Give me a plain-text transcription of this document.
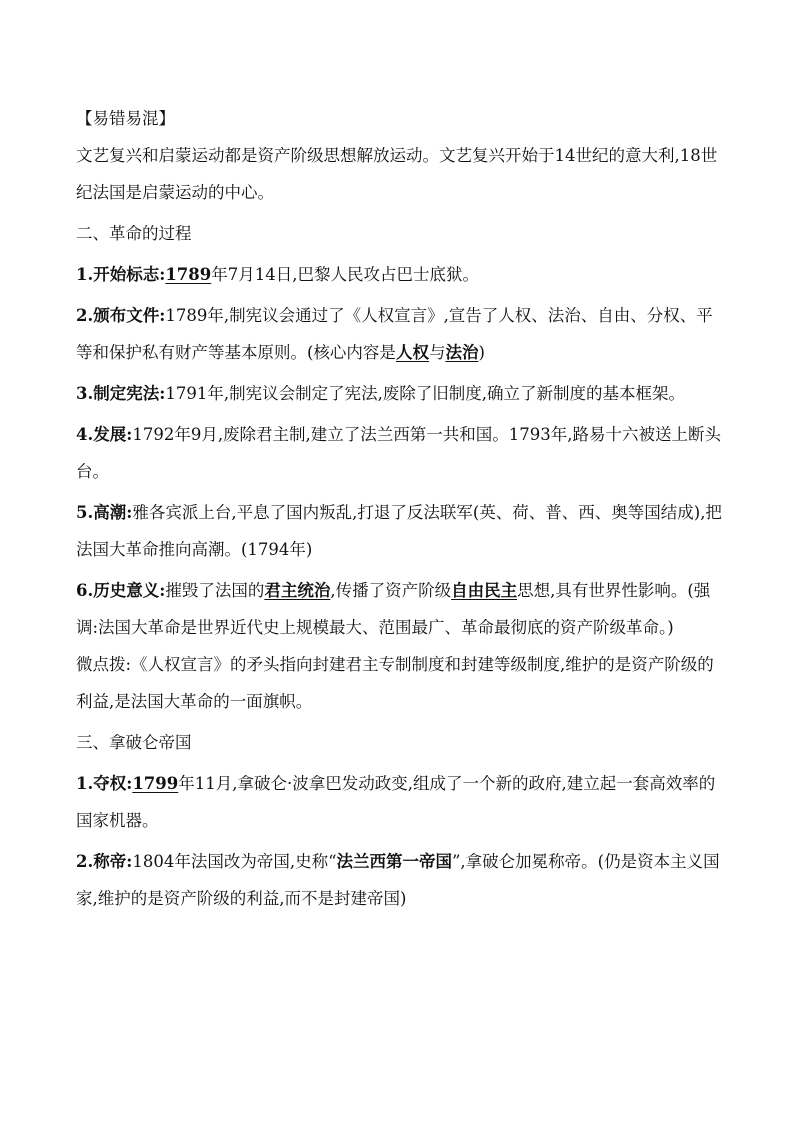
【易错易混】

文艺复兴和启蒙运动都是资产阶级思想解放运动。文艺复兴开始于14世纪的意大利,18世纪法国是启蒙运动的中心。

二、革命的过程

1.开始标志:1789年7月14日,巴黎人民攻占巴士底狱。

2.颁布文件:1789年,制宪议会通过了《人权宣言》,宣告了人权、法治、自由、分权、平等和保护私有财产等基本原则。(核心内容是人权与法治)

3.制定宪法:1791年,制宪议会制定了宪法,废除了旧制度,确立了新制度的基本框架。

4.发展:1792年9月,废除君主制,建立了法兰西第一共和国。1793年,路易十六被送上断头台。

5.高潮:雅各宾派上台,平息了国内叛乱,打退了反法联军(英、荷、普、西、奥等国结成),把法国大革命推向高潮。(1794年)

6.历史意义:摧毁了法国的君主统治,传播了资产阶级自由民主思想,具有世界性影响。(强调:法国大革命是世界近代史上规模最大、范围最广、革命最彻底的资产阶级革命。)

微点拨:《人权宣言》的矛头指向封建君主专制制度和封建等级制度,维护的是资产阶级的利益,是法国大革命的一面旗帜。

三、拿破仑帝国

1.夺权:1799年11月,拿破仑·波拿巴发动政变,组成了一个新的政府,建立起一套高效率的国家机器。

2.称帝:1804年法国改为帝国,史称“法兰西第一帝国”,拿破仑加冕称帝。(仍是资本主义国家,维护的是资产阶级的利益,而不是封建帝国)
